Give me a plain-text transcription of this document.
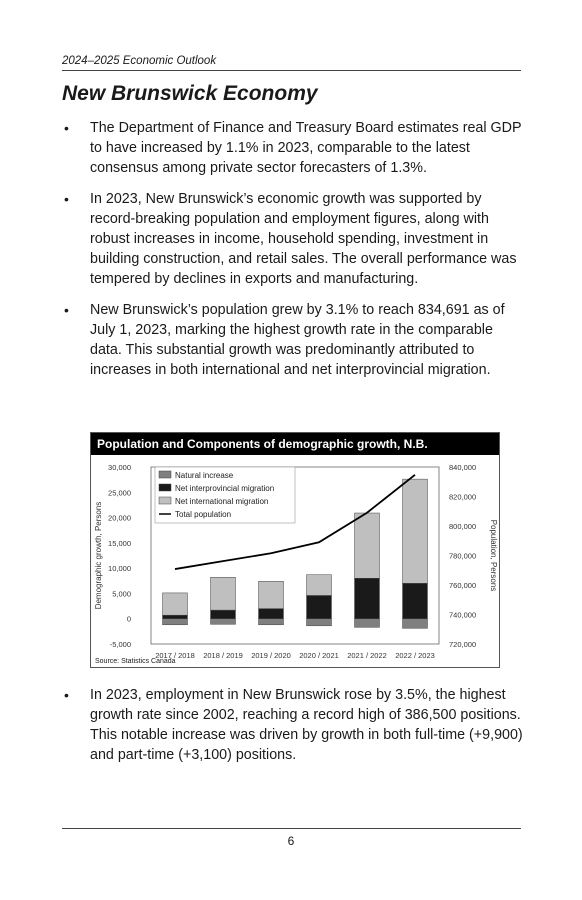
2024–2025 Economic Outlook
New Brunswick Economy
• The Department of Finance and Treasury Board estimates real GDP to have increased by 1.1% in 2023, comparable to the latest consensus among private sector forecasters of 1.3%.
• In 2023, New Brunswick’s economic growth was supported by record-breaking population and employment figures, along with robust increases in income, household spending, investment in building construction, and retail sales. The overall performance was tempered by declines in exports and manufacturing.
• New Brunswick’s population grew by 3.1% to reach 834,691 as of July 1, 2023, marking the highest growth rate in the comparable data. This substantial growth was predominantly attributed to increases in both international and net interprovincial migration.
Population and Components of demographic growth, N.B.
30,000
25,000
20,000
15,000
10,000
5,000
0
-5,000
840,000
820,000
800,000
780,000
760,000
740,000
720,000
Demographic growth, Persons	Population, Persons
2017 / 2018 2018 / 2019 2019 / 2020 2020 / 2021 2021 / 2022 2022 / 2023
Natural increase
Net interprovincial migration
Net international migration
Total population
Source: Statistics Canada
• In 2023, employment in New Brunswick rose by 3.5%, the highest growth rate since 2002, reaching a record high of 386,500 positions. This notable increase was driven by growth in both full-time (+9,900) and part-time (+3,100) positions.
6
